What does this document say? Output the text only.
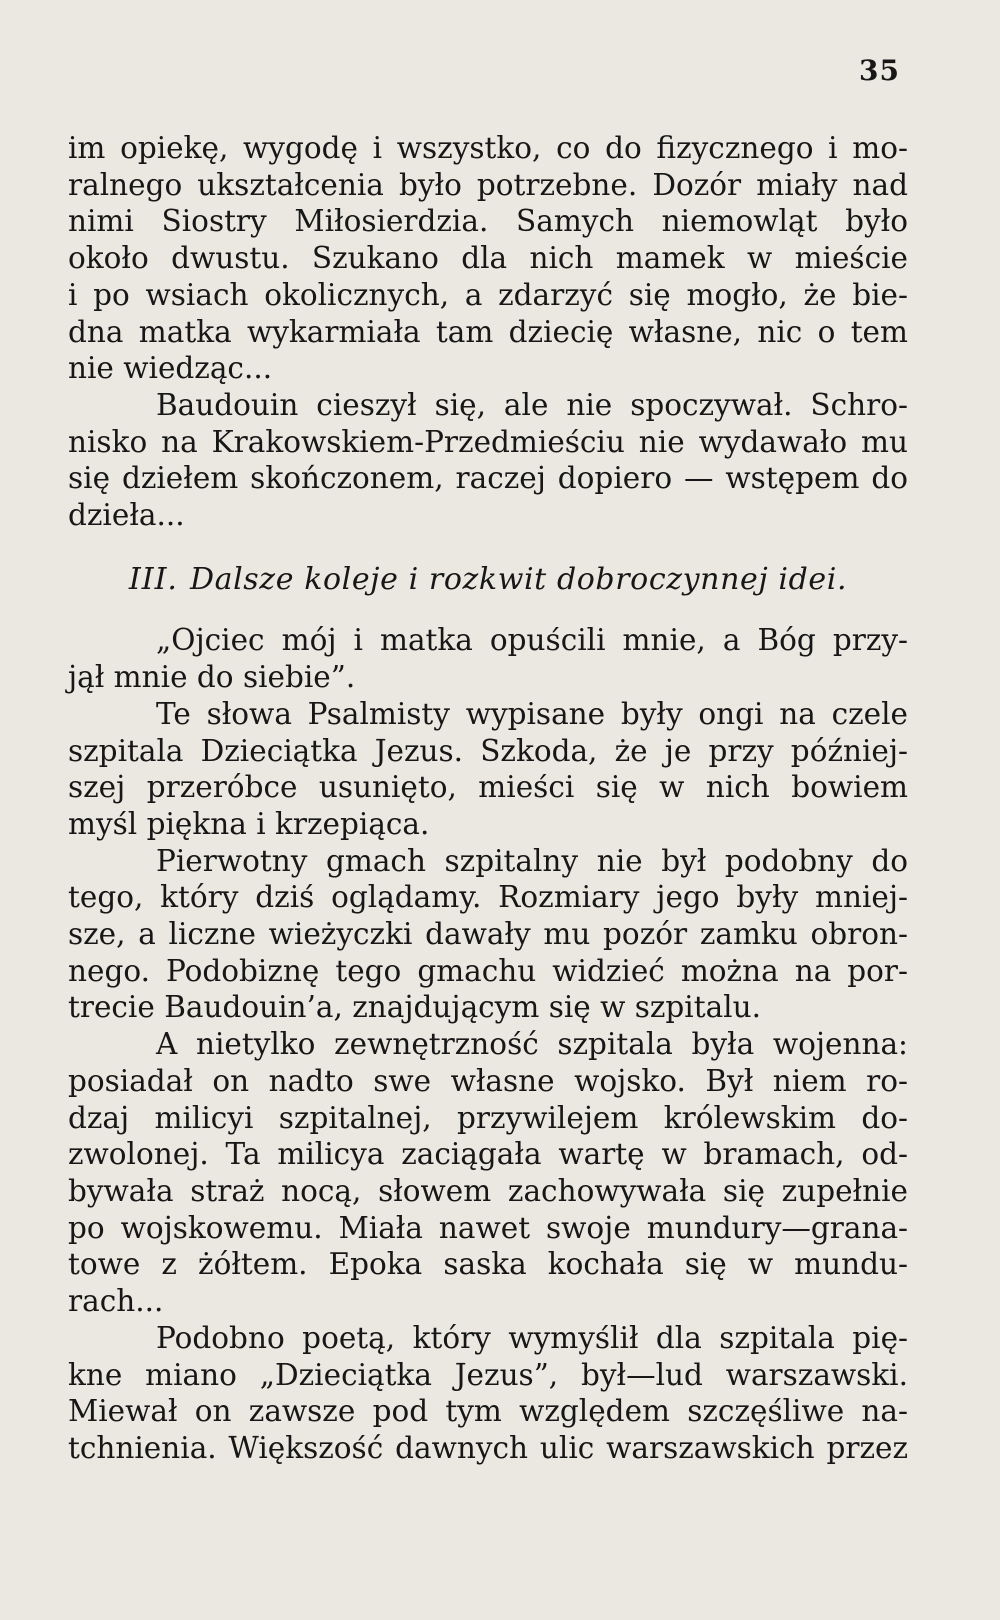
35
im opiekę, wygodę i wszystko, co do fizycznego i mo-
ralnego ukształcenia było potrzebne. Dozór miały nad
nimi Siostry Miłosierdzia. Samych niemowląt było
około dwustu. Szukano dla nich mamek w mieście
i po wsiach okolicznych, a zdarzyć się mogło, że bie-
dna matka wykarmiała tam dziecię własne, nic o tem
nie wiedząc...
Baudouin cieszył się, ale nie spoczywał. Schro-
nisko na Krakowskiem-Przedmieściu nie wydawało mu
się dziełem skończonem, raczej dopiero — wstępem do
dzieła...
III. Dalsze koleje i rozkwit dobroczynnej idei.
„Ojciec mój i matka opuścili mnie, a Bóg przy-
jął mnie do siebie”.
Te słowa Psalmisty wypisane były ongi na czele
szpitala Dzieciątka Jezus. Szkoda, że je przy później-
szej przeróbce usunięto, mieści się w nich bowiem
myśl piękna i krzepiąca.
Pierwotny gmach szpitalny nie był podobny do
tego, który dziś oglądamy. Rozmiary jego były mniej-
sze, a liczne wieżyczki dawały mu pozór zamku obron-
nego. Podobiznę tego gmachu widzieć można na por-
trecie Baudouin’a, znajdującym się w szpitalu.
A nietylko zewnętrzność szpitala była wojenna:
posiadał on nadto swe własne wojsko. Był niem ro-
dzaj milicyi szpitalnej, przywilejem królewskim do-
zwolonej. Ta milicya zaciągała wartę w bramach, od-
bywała straż nocą, słowem zachowywała się zupełnie
po wojskowemu. Miała nawet swoje mundury—grana-
towe z żółtem. Epoka saska kochała się w mundu-
rach...
Podobno poetą, który wymyślił dla szpitala pię-
kne miano „Dzieciątka Jezus”, był—lud warszawski.
Miewał on zawsze pod tym względem szczęśliwe na-
tchnienia. Większość dawnych ulic warszawskich przez
